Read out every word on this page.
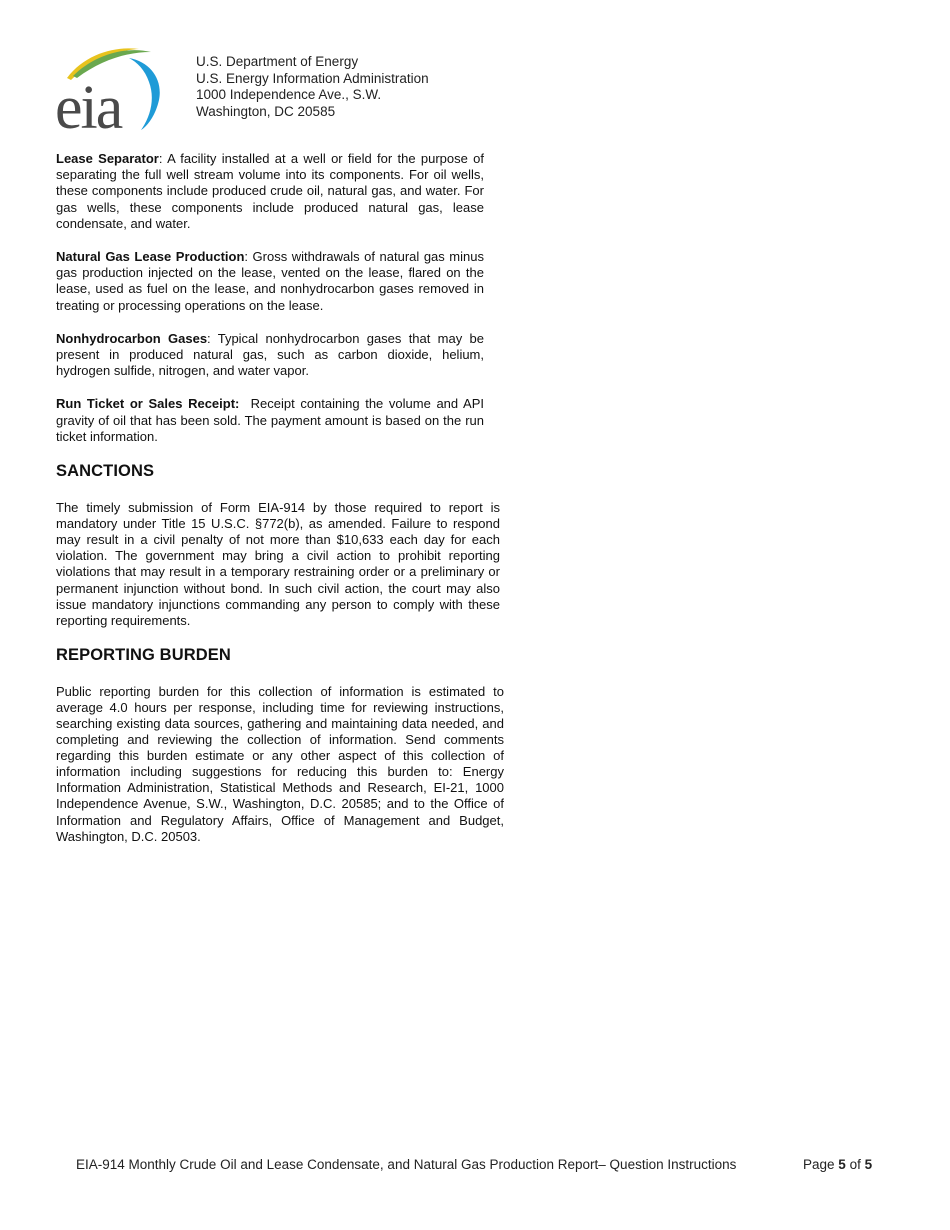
eia
U.S. Department of Energy
U.S. Energy Information Administration
1000 Independence Ave., S.W.
Washington, DC 20585

Lease Separator: A facility installed at a well or field for the purpose of separating the full well stream volume into its components. For oil wells, these components include produced crude oil, natural gas, and water. For gas wells, these components include produced natural gas, lease condensate, and water.

Natural Gas Lease Production: Gross withdrawals of natural gas minus gas production injected on the lease, vented on the lease, flared on the lease, used as fuel on the lease, and nonhydrocarbon gases removed in treating or processing operations on the lease.

Nonhydrocarbon Gases: Typical nonhydrocarbon gases that may be present in produced natural gas, such as carbon dioxide, helium, hydrogen sulfide, nitrogen, and water vapor.

Run Ticket or Sales Receipt: Receipt containing the volume and API gravity of oil that has been sold. The payment amount is based on the run ticket information.

SANCTIONS

The timely submission of Form EIA-914 by those required to report is mandatory under Title 15 U.S.C. §772(b), as amended. Failure to respond may result in a civil penalty of not more than $10,633 each day for each violation. The government may bring a civil action to prohibit reporting violations that may result in a temporary restraining order or a preliminary or permanent injunction without bond. In such civil action, the court may also issue mandatory injunctions commanding any person to comply with these reporting requirements.

REPORTING BURDEN

Public reporting burden for this collection of information is estimated to average 4.0 hours per response, including time for reviewing instructions, searching existing data sources, gathering and maintaining data needed, and completing and reviewing the collection of information. Send comments regarding this burden estimate or any other aspect of this collection of information including suggestions for reducing this burden to: Energy Information Administration, Statistical Methods and Research, EI-21, 1000 Independence Avenue, S.W., Washington, D.C. 20585; and to the Office of Information and Regulatory Affairs, Office of Management and Budget, Washington, D.C. 20503.

EIA-914 Monthly Crude Oil and Lease Condensate, and Natural Gas Production Report– Question Instructions	Page 5 of 5
